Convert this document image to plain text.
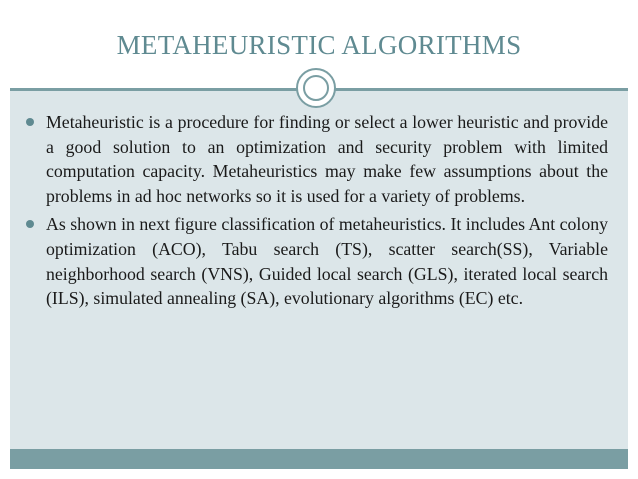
METAHEURISTIC ALGORITHMS
Metaheuristic is a procedure for finding or select a lower heuristic and provide a good solution to an optimization and security problem with limited computation capacity. Metaheuristics may make few assumptions about the problems in ad hoc networks so it is used for a variety of problems.
As shown in next figure classification of metaheuristics. It includes Ant colony optimization (ACO), Tabu search (TS), scatter search(SS), Variable neighborhood search (VNS), Guided local search (GLS), iterated local search (ILS), simulated annealing (SA), evolutionary algorithms (EC) etc.
